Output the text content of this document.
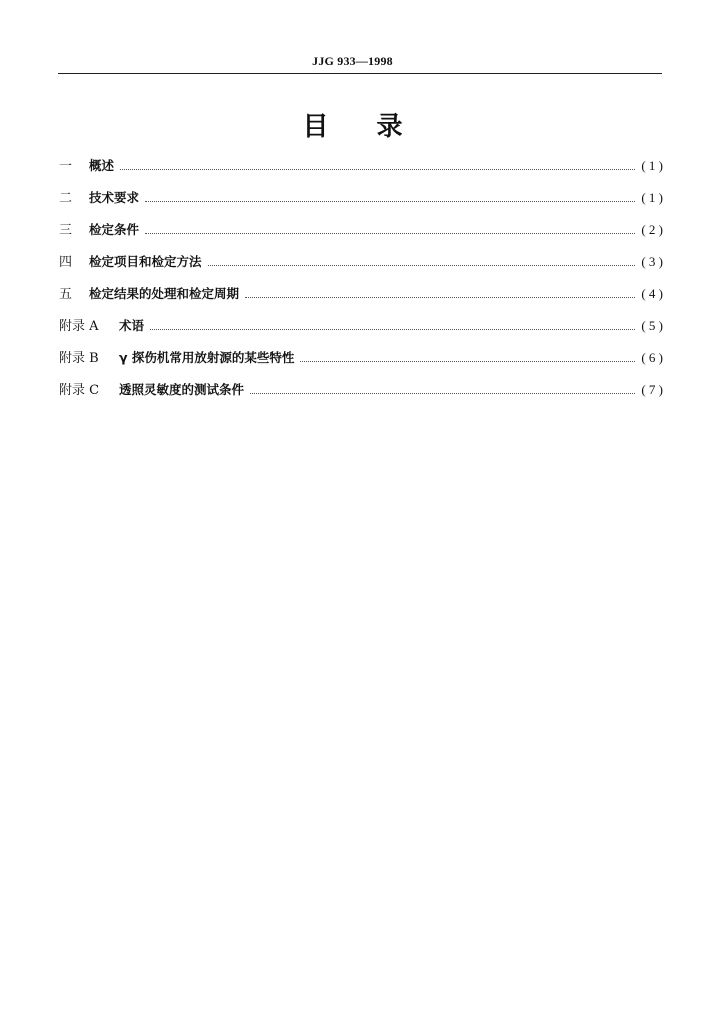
JJG 933—1998
目录
一	概述	( 1 )
二	技术要求	( 1 )
三	检定条件	( 2 )
四	检定项目和检定方法	( 3 )
五	检定结果的处理和检定周期	( 4 )
附录 A	术语	( 5 )
附录 B	γ 探伤机常用放射源的某些特性	( 6 )
附录 C	透照灵敏度的测试条件	( 7 )
